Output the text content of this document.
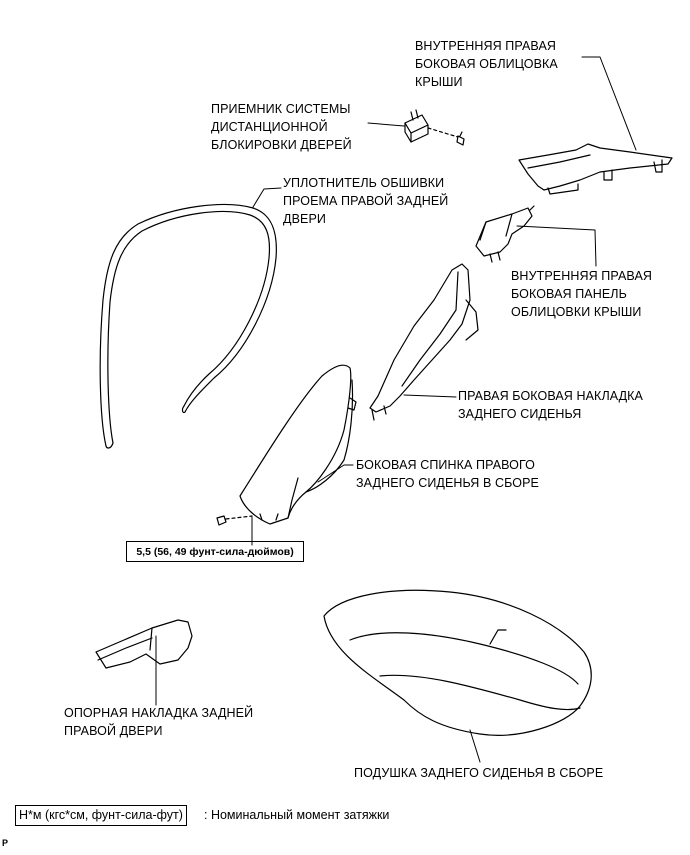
ВНУТРЕННЯЯ ПРАВАЯ
БОКОВАЯ ОБЛИЦОВКА
КРЫШИ
ПРИЕМНИК СИСТЕМЫ
ДИСТАНЦИОННОЙ
БЛОКИРОВКИ ДВЕРЕЙ
УПЛОТНИТЕЛЬ ОБШИВКИ
ПРОЕМА ПРАВОЙ ЗАДНЕЙ
ДВЕРИ
ВНУТРЕННЯЯ ПРАВАЯ
БОКОВАЯ ПАНЕЛЬ
ОБЛИЦОВКИ КРЫШИ
ПРАВАЯ БОКОВАЯ НАКЛАДКА
ЗАДНЕГО СИДЕНЬЯ
БОКОВАЯ СПИНКА ПРАВОГО
ЗАДНЕГО СИДЕНЬЯ В СБОРЕ
5,5 (56, 49 фунт-сила-дюймов)
ОПОРНАЯ НАКЛАДКА ЗАДНЕЙ
ПРАВОЙ ДВЕРИ
ПОДУШКА ЗАДНЕГО СИДЕНЬЯ В СБОРЕ
Н*м (кгс*см, фунт-сила-фут)	: Номинальный момент затяжки
P
